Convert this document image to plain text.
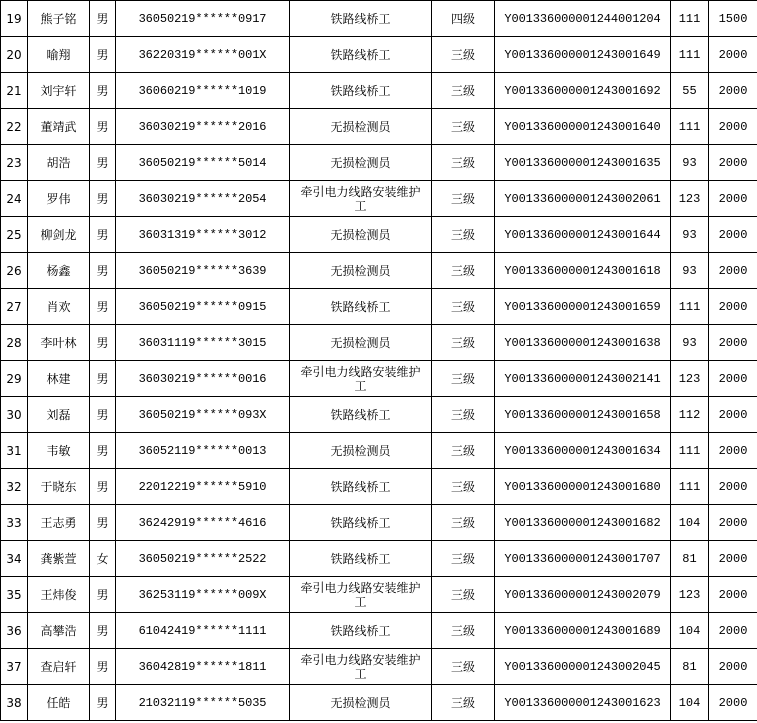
19	熊子铭	男	36050219******0917	铁路线桥工	四级	Y00133600000124400120​4	111	1500
20	喻翔	男	36220319******001X	铁路线桥工	三级	Y001336000001243001649	111	2000
21	刘宇轩	男	36060219******1019	铁路线桥工	三级	Y001336000001243001692	55	2000
22	董靖武	男	36030219******2016	无损检测员	三级	Y001336000001243001640	111	2000
23	胡浩	男	36050219******5014	无损检测员	三级	Y001336000001243001635	93	2000
24	罗伟	男	36030219******2054	牵引电力线路安装维护工	三级	Y001336000001243002061	123	2000
25	柳剑龙	男	36031319******3012	无损检测员	三级	Y001336000001243001644	93	2000
26	杨鑫	男	36050219******3639	无损检测员	三级	Y001336000001243001618	93	2000
27	肖欢	男	36050219******0915	铁路线桥工	三级	Y001336000001243001659	111	2000
28	李叶林	男	36031119******3015	无损检测员	三级	Y001336000001243001638	93	2000
29	林建	男	36030219******0016	牵引电力线路安装维护工	三级	Y001336000001243002141	123	2000
30	刘磊	男	36050219******093X	铁路线桥工	三级	Y001336000001243001658	112	2000
31	韦敏	男	36052119******0013	无损检测员	三级	Y001336000001243001634	111	2000
32	于晓东	男	22012219******5910	铁路线桥工	三级	Y001336000001243001680	111	2000
33	王志勇	男	36242919******4616	铁路线桥工	三级	Y001336000001243001682	104	2000
34	龚紫萱	女	36050219******2522	铁路线桥工	三级	Y001336000001243001707	81	2000
35	王炜俊	男	36253119******009X	牵引电力线路安装维护工	三级	Y001336000001243002079	123	2000
36	高攀浩	男	61042419******1111	铁路线桥工	三级	Y001336000001243001689	104	2000
37	查启轩	男	36042819******1811	牵引电力线路安装维护工	三级	Y001336000001243002045	81	2000
38	任皓	男	21032119******5035	无损检测员	三级	Y001336000001243001623	104	2000
